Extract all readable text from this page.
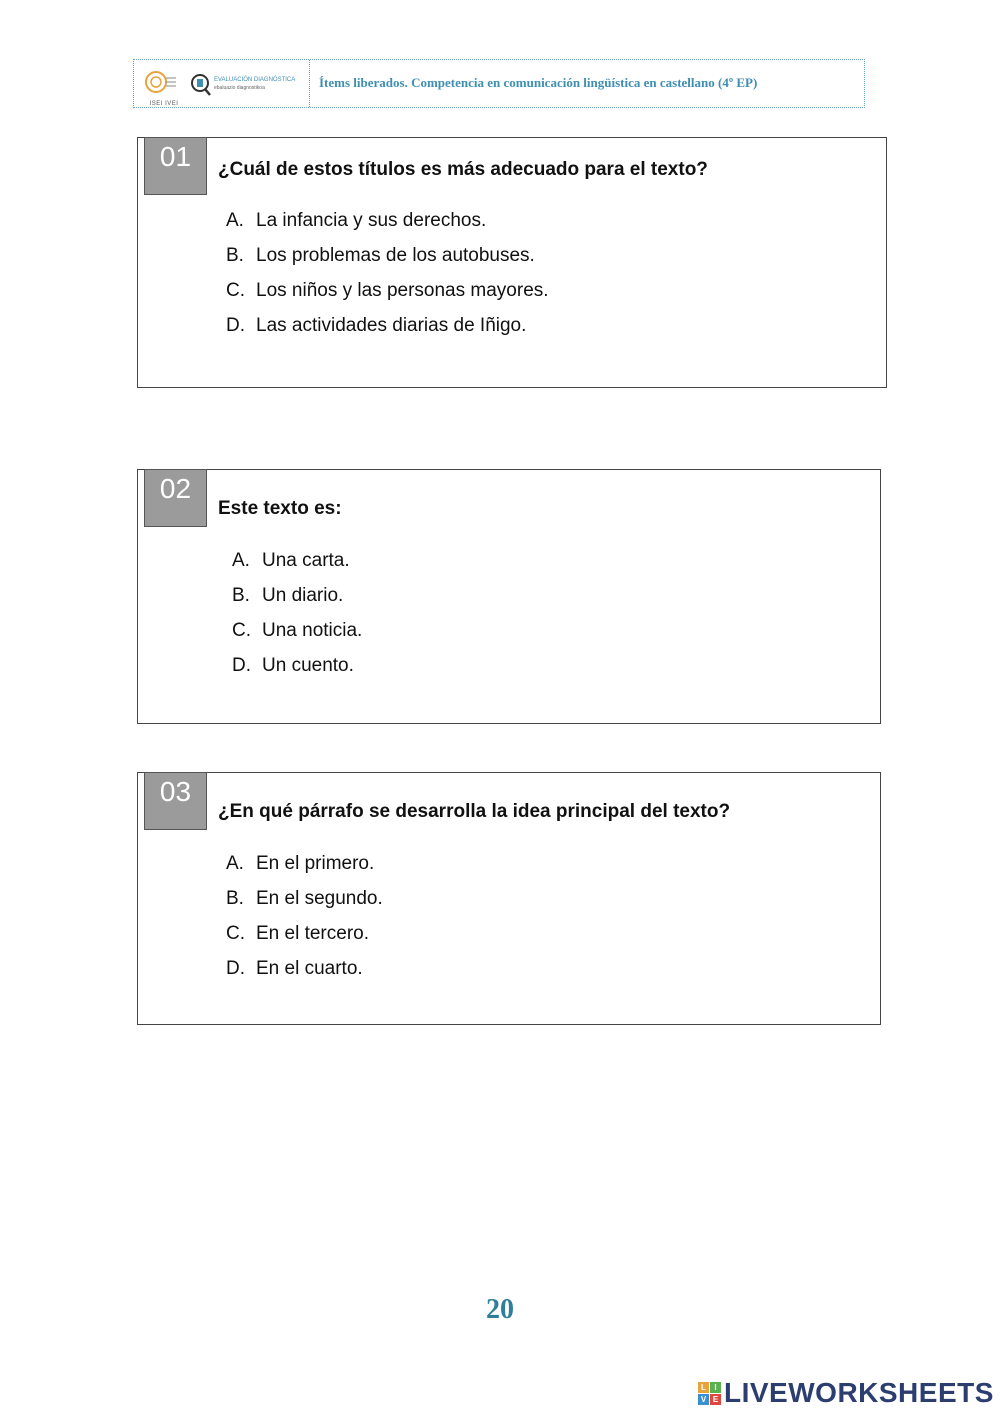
ISEI IVEI
EVALUACIÓN DIAGNÓSTICA
ebaluazio diagnostikoa	Ítems liberados. Competencia en comunicación lingüística en castellano (4º EP)
01	¿Cuál de estos títulos es más adecuado para el texto?
A. La infancia y sus derechos.
B. Los problemas de los autobuses.
C. Los niños y las personas mayores.
D. Las actividades diarias de Iñigo.
02
Este texto es:
A. Una carta.
B. Un diario.
C. Una noticia.
D. Un cuento.
03
¿En qué párrafo se desarrolla la idea principal del texto?
A. En el primero.
B. En el segundo.
C. En el tercero.
D. En el cuarto.
20
L	I
V E LIVEWORKSHEETS
